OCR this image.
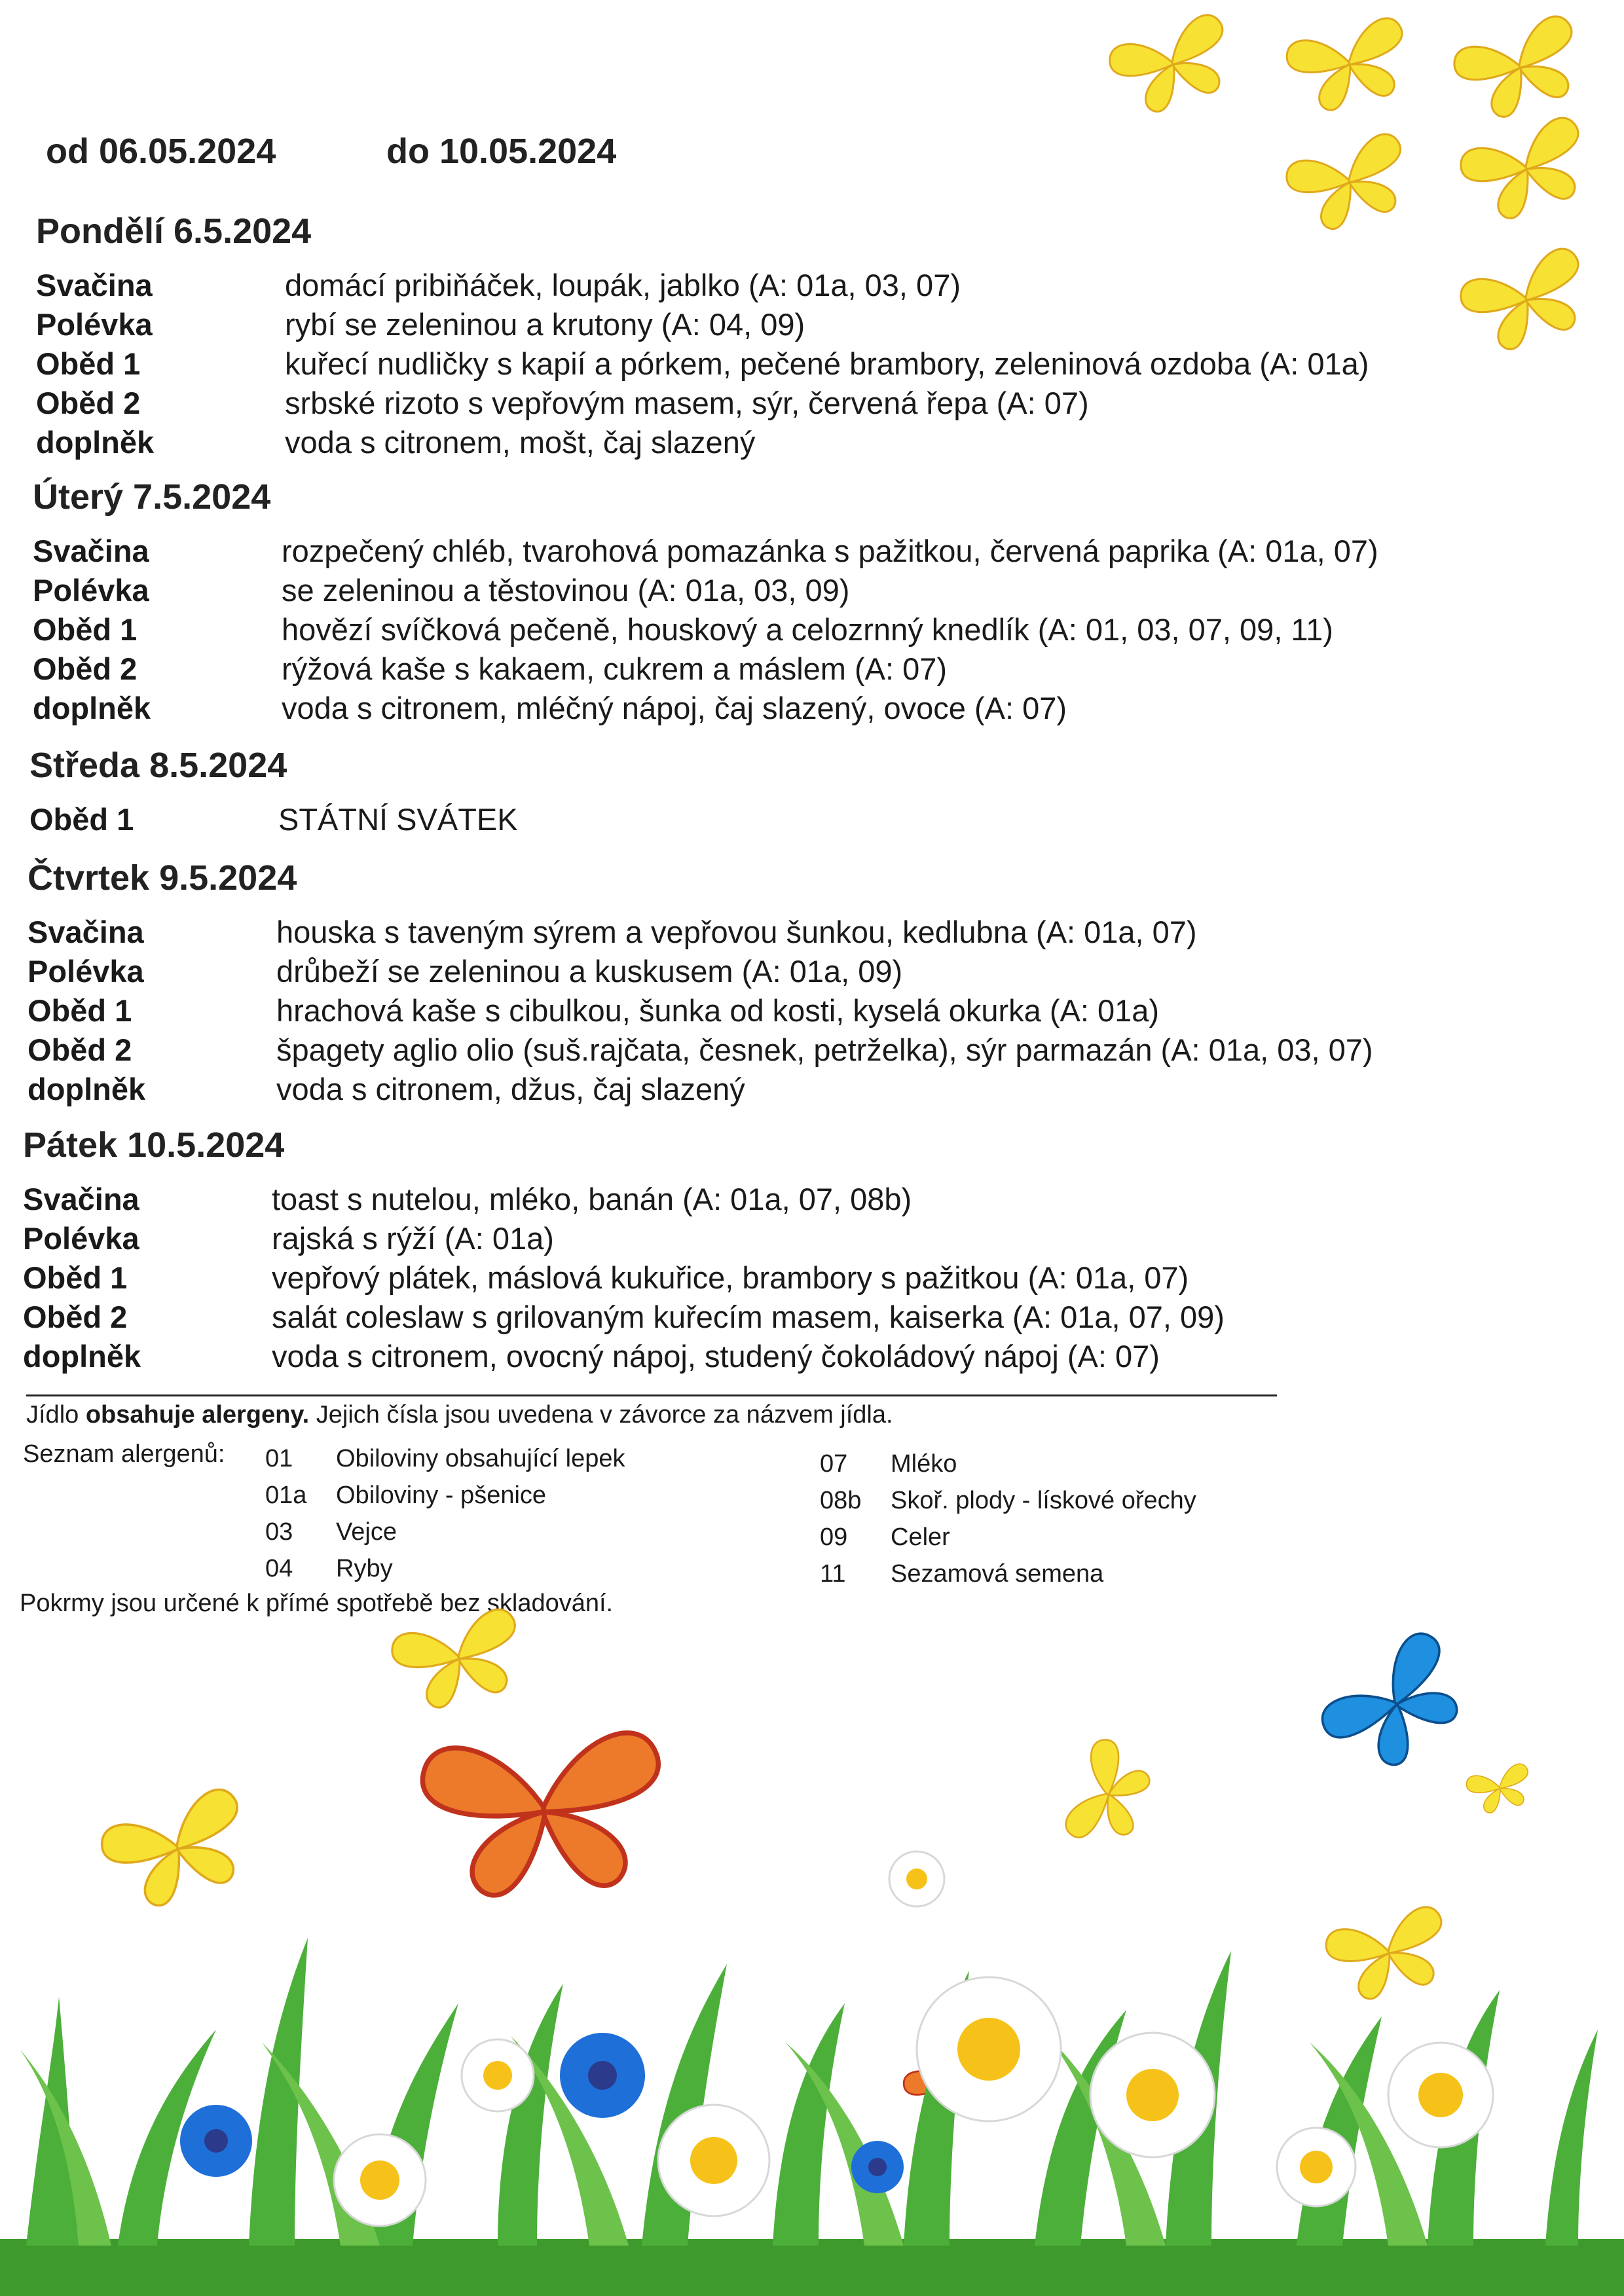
od 06.05.2024	do 10.05.2024
Pondělí 6.5.2024
Svačina	domácí pribiňáček, loupák, jablko (A: 01a, 03, 07)
Polévka	rybí se zeleninou a krutony (A: 04, 09)
Oběd 1	kuřecí nudličky s kapií a pórkem, pečené brambory, zeleninová ozdoba (A: 01a)
Oběd 2	srbské rizoto s vepřovým masem, sýr, červená řepa (A: 07)
doplněk	voda s citronem, mošt, čaj slazený
Úterý 7.5.2024
Svačina	rozpečený chléb, tvarohová pomazánka s pažitkou, červená paprika (A: 01a, 07)
Polévka	se zeleninou a těstovinou (A: 01a, 03, 09)
Oběd 1	hovězí svíčková pečeně, houskový a celozrnný knedlík (A: 01, 03, 07, 09, 11)
Oběd 2	rýžová kaše s kakaem, cukrem a máslem (A: 07)
doplněk	voda s citronem, mléčný nápoj, čaj slazený, ovoce (A: 07)
Středa 8.5.2024
Oběd 1	STÁTNÍ SVÁTEK
Čtvrtek 9.5.2024
Svačina	houska s taveným sýrem a vepřovou šunkou, kedlubna (A: 01a, 07)
Polévka	drůbeží se zeleninou a kuskusem (A: 01a, 09)
Oběd 1	hrachová kaše s cibulkou, šunka od kosti, kyselá okurka (A: 01a)
Oběd 2	špagety aglio olio (suš.rajčata, česnek, petrželka), sýr parmazán (A: 01a, 03, 07)
doplněk	voda s citronem, džus, čaj slazený
Pátek 10.5.2024
Svačina	toast s nutelou, mléko, banán (A: 01a, 07, 08b)
Polévka	rajská s rýží (A: 01a)
Oběd 1	vepřový plátek, máslová kukuřice, brambory s pažitkou (A: 01a, 07)
Oběd 2	salát coleslaw s grilovaným kuřecím masem, kaiserka (A: 01a, 07, 09)
doplněk	voda s citronem, ovocný nápoj, studený čokoládový nápoj (A: 07)
Jídlo obsahuje alergeny. Jejich čísla jsou uvedena v závorce za názvem jídla.
Seznam alergenů: 01	Obiloviny obsahující lepek
01a	Obiloviny - pšenice
03	Vejce
04	Ryby
07	Mléko
08b	Skoř. plody - lískové ořechy
09	Celer
11	Sezamová semena
Pokrmy jsou určené k přímé spotřebě bez skladování.
